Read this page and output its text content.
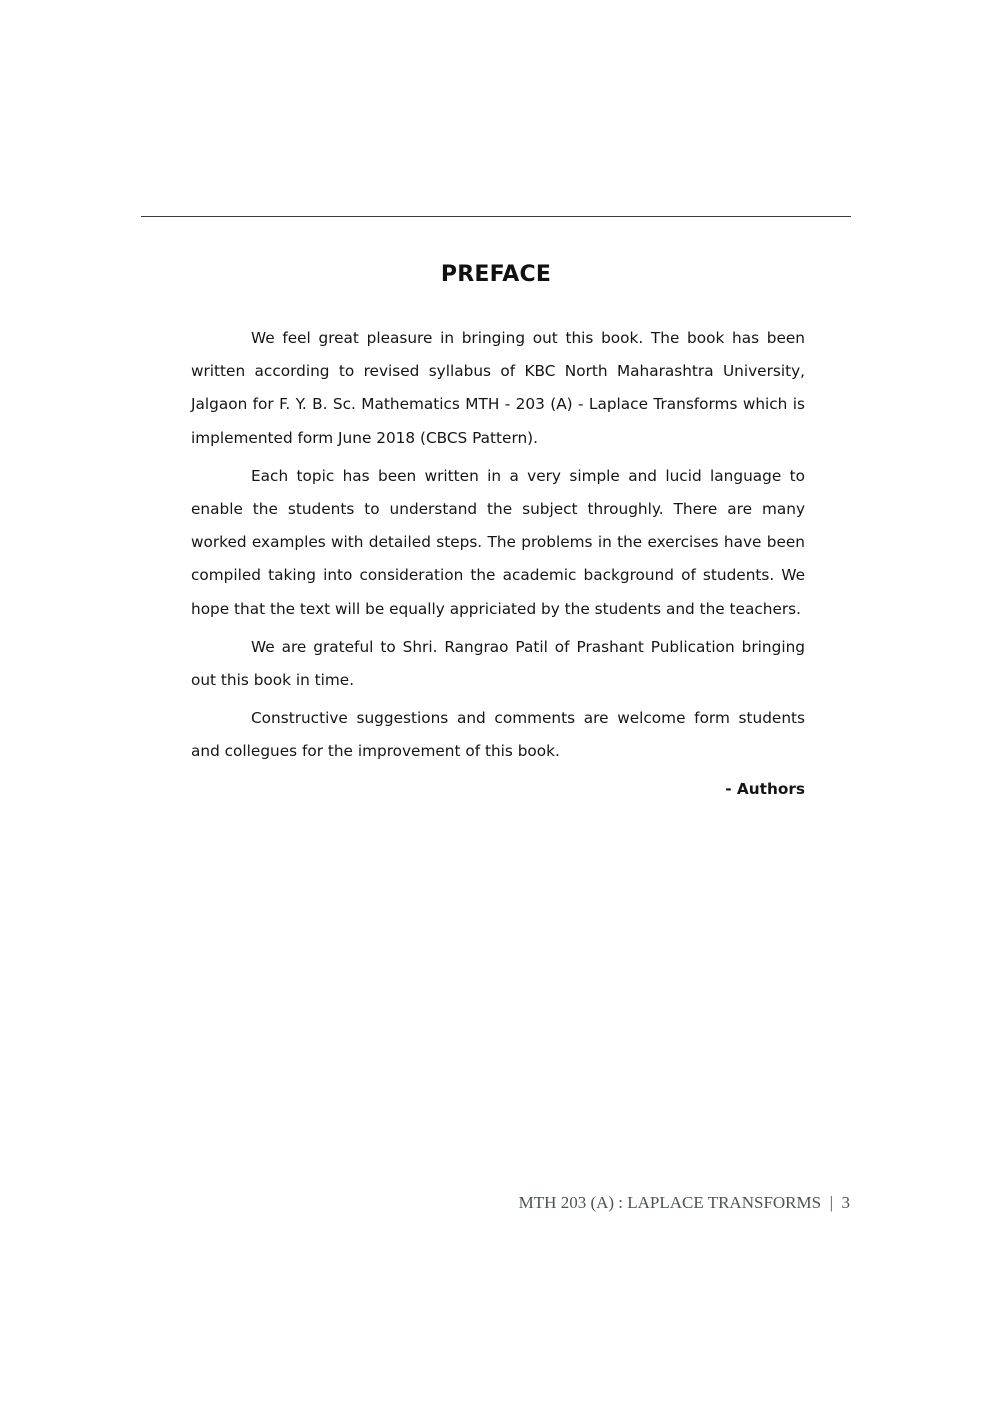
PREFACE

We feel great pleasure in bringing out this book. The book has been written according to revised syllabus of KBC North Maharashtra University, Jalgaon for F. Y. B. Sc. Mathematics MTH - 203 (A) - Laplace Transforms which is implemented form June 2018 (CBCS Pattern).

Each topic has been written in a very simple and lucid language to enable the students to understand the subject throughly. There are many worked examples with detailed steps. The problems in the exercises have been compiled taking into consideration the academic background of students. We hope that the text will be equally appriciated by the students and the teachers.

We are grateful to Shri. Rangrao Patil of Prashant Publication bringing out this book in time.

Constructive suggestions and comments are welcome form students and collegues for the improvement of this book.

- Authors
MTH 203 (A) : LAPLACE TRANSFORMS | 3
